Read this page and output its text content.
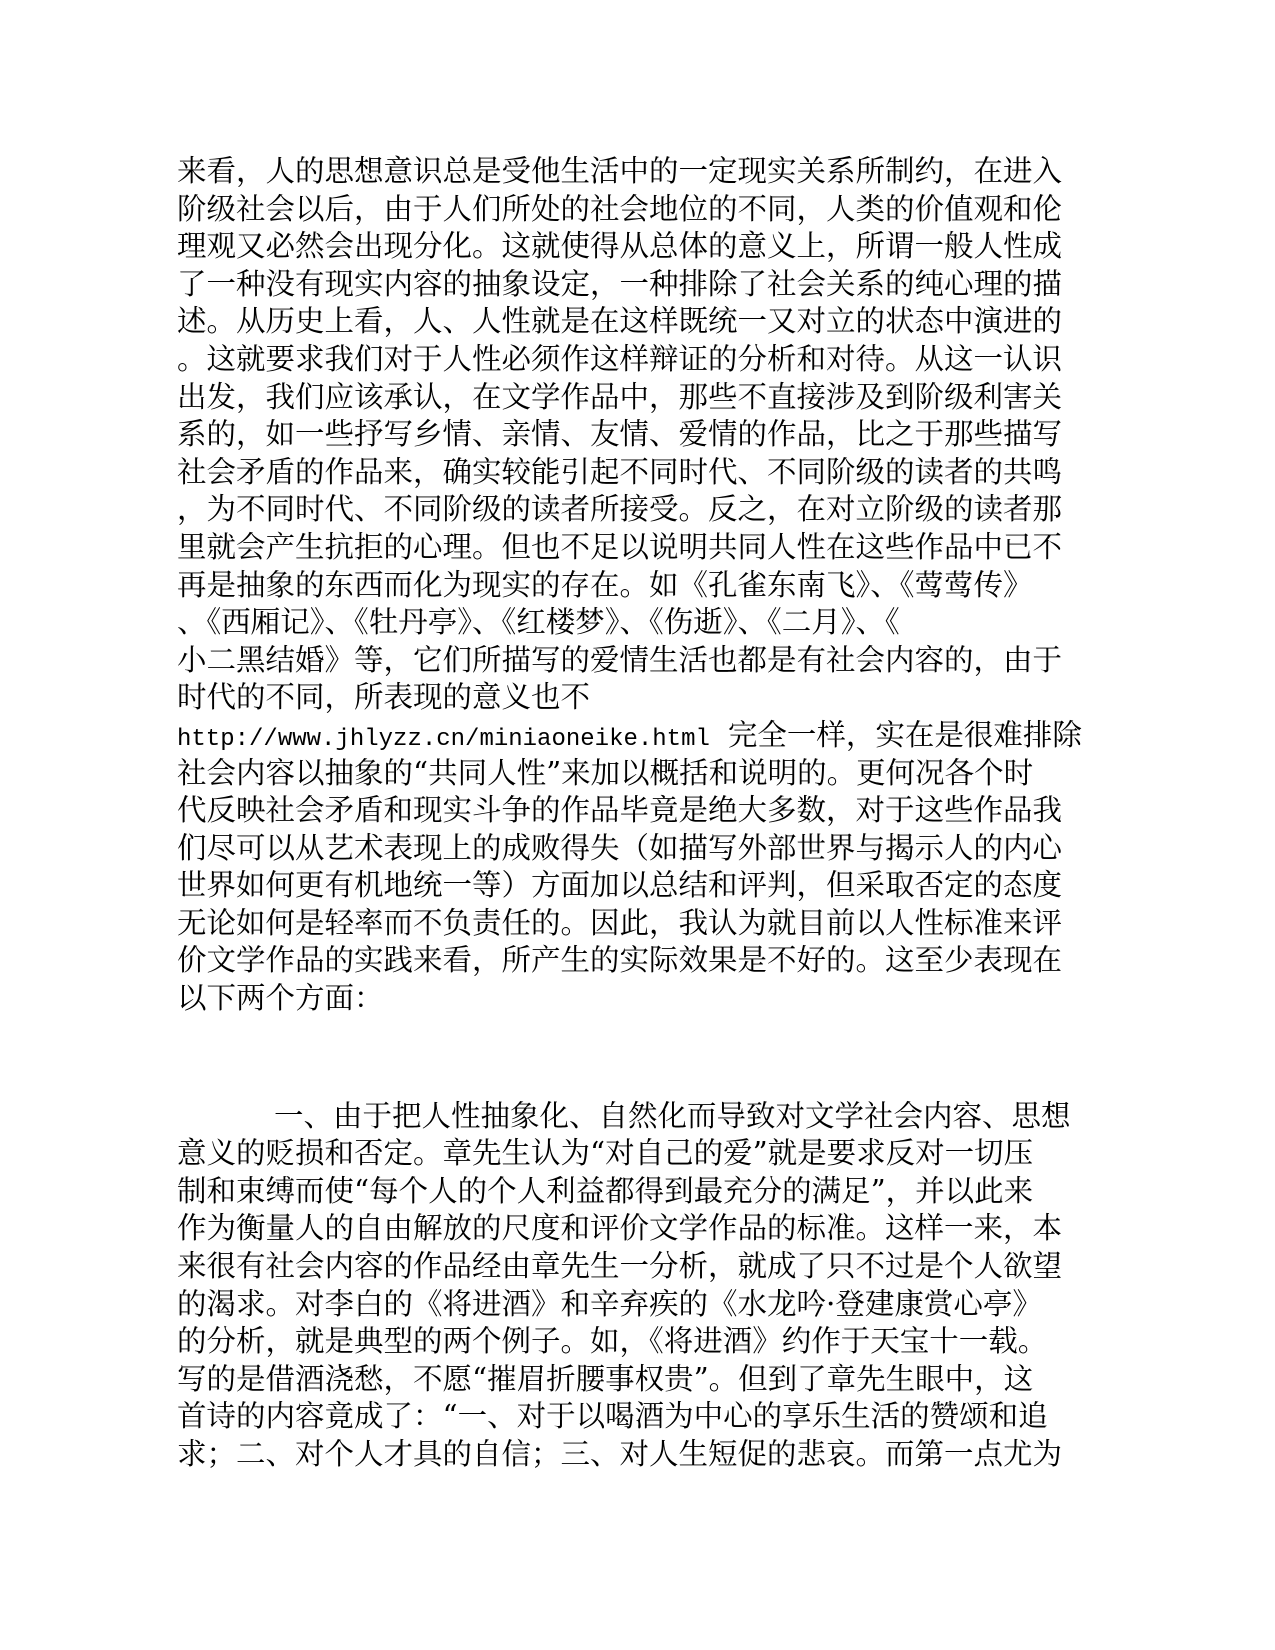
来看，人的思想意识总是受他生活中的一定现实关系所制约，在进入
阶级社会以后，由于人们所处的社会地位的不同，人类的价值观和伦
理观又必然会出现分化。这就使得从总体的意义上，所谓一般人性成
了一种没有现实内容的抽象设定，一种排除了社会关系的纯心理的描
述。从历史上看，人、人性就是在这样既统一又对立的状态中演进的
。这就要求我们对于人性必须作这样辩证的分析和对待。从这一认识
出发，我们应该承认，在文学作品中，那些不直接涉及到阶级利害关
系的，如一些抒写乡情、亲情、友情、爱情的作品，比之于那些描写
社会矛盾的作品来，确实较能引起不同时代、不同阶级的读者的共鸣
，为不同时代、不同阶级的读者所接受。反之，在对立阶级的读者那
里就会产生抗拒的心理。但也不足以说明共同人性在这些作品中已不
再是抽象的东西而化为现实的存在。如《孔雀东南飞》、《莺莺传》
、《西厢记》、《牡丹亭》、《红楼梦》、《伤逝》、《二月》、《
小二黑结婚》等，它们所描写的爱情生活也都是有社会内容的，由于
时代的不同，所表现的意义也不
http://www.jhlyzz.cn/miniaoneike.html 完全一样，实在是很难排除
社会内容以抽象的“共同人性”来加以概括和说明的。更何况各个时
代反映社会矛盾和现实斗争的作品毕竟是绝大多数，对于这些作品我
们尽可以从艺术表现上的成败得失（如描写外部世界与揭示人的内心
世界如何更有机地统一等）方面加以总结和评判，但采取否定的态度
无论如何是轻率而不负责任的。因此，我认为就目前以人性标准来评
价文学作品的实践来看，所产生的实际效果是不好的。这至少表现在
以下两个方面：
一、由于把人性抽象化、自然化而导致对文学社会内容、思想
意义的贬损和否定。章先生认为“对自己的爱”就是要求反对一切压
制和束缚而使“每个人的个人利益都得到最充分的满足”，并以此来
作为衡量人的自由解放的尺度和评价文学作品的标准。这样一来，本
来很有社会内容的作品经由章先生一分析，就成了只不过是个人欲望
的渴求。对李白的《将进酒》和辛弃疾的《水龙吟·登建康赏心亭》
的分析，就是典型的两个例子。如，《将进酒》约作于天宝十一载。
写的是借酒浇愁，不愿“摧眉折腰事权贵”。但到了章先生眼中，这
首诗的内容竟成了：“一、对于以喝酒为中心的享乐生活的赞颂和追
求；二、对个人才具的自信；三、对人生短促的悲哀。而第一点尤为
